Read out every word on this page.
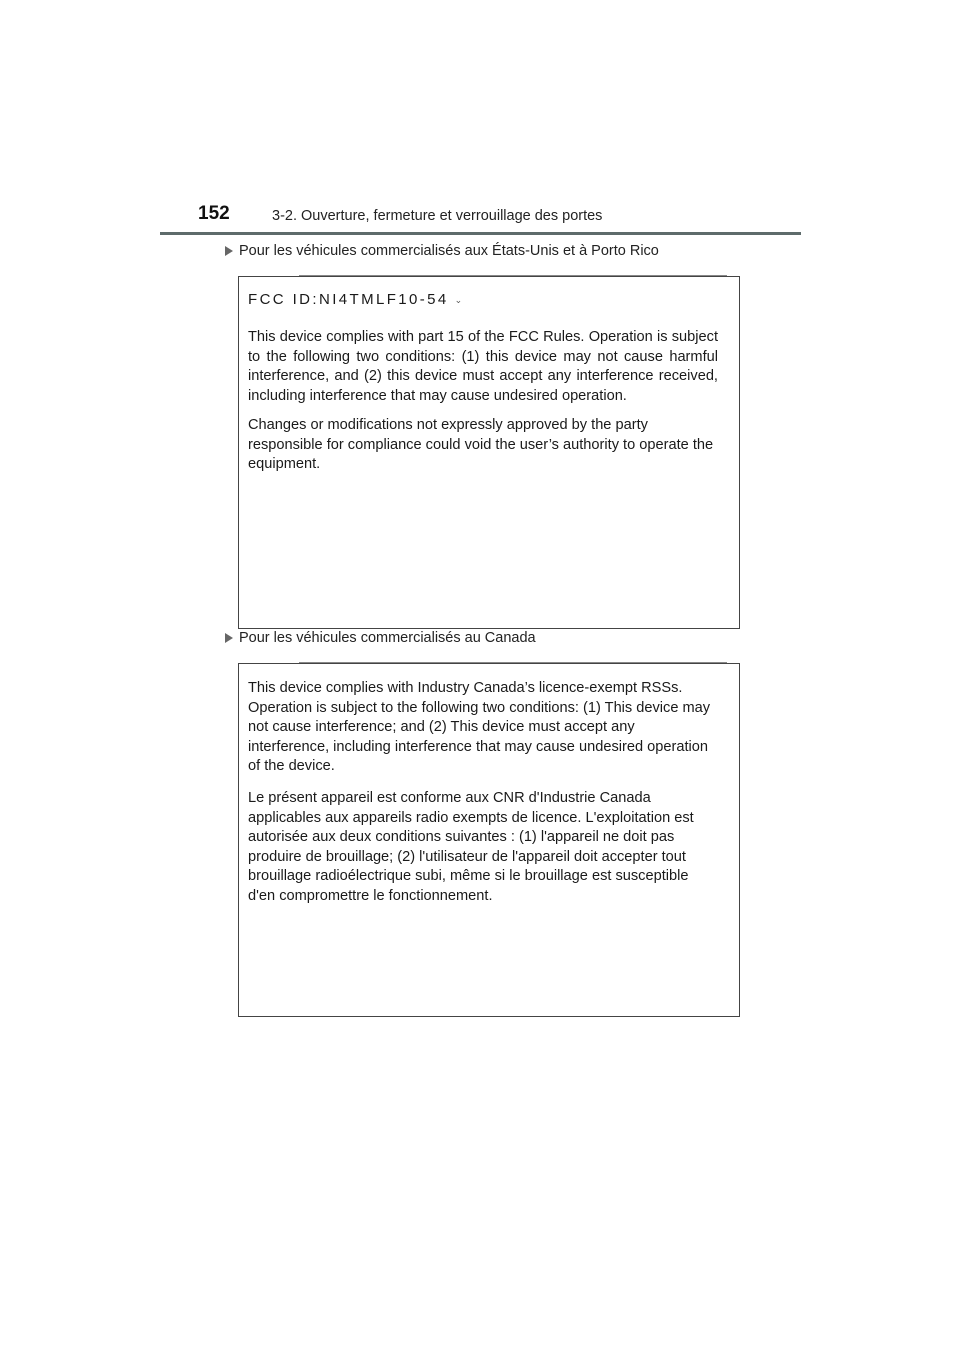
152	3-2. Ouverture, fermeture et verrouillage des portes
Pour les véhicules commercialisés aux États-Unis et à Porto Rico
FCC ID:NI4TMLF10-54 ⌄

This device complies with part 15 of the FCC Rules. Operation is subject to the following two conditions: (1) this device may not cause harmful interference, and (2) this device must accept any interference received, including interference that may cause undesired operation.

Changes or modifications not expressly approved by the party responsible for compliance could void the user’s authority to operate the equipment.

Pour les véhicules commercialisés au Canada

This device complies with Industry Canada’s licence-exempt RSSs. Operation is subject to the following two conditions: (1) This device may not cause interference; and (2) This device must accept any interference, including interference that may cause undesired operation of the device.

Le présent appareil est conforme aux CNR d'Industrie Canada applicables aux appareils radio exempts de licence. L'exploitation est autorisée aux deux conditions suivantes : (1) l'appareil ne doit pas produire de brouillage; (2) l'utilisateur de l'appareil doit accepter tout brouillage radioélectrique subi, même si le brouillage est susceptible d'en compromettre le fonctionnement.
